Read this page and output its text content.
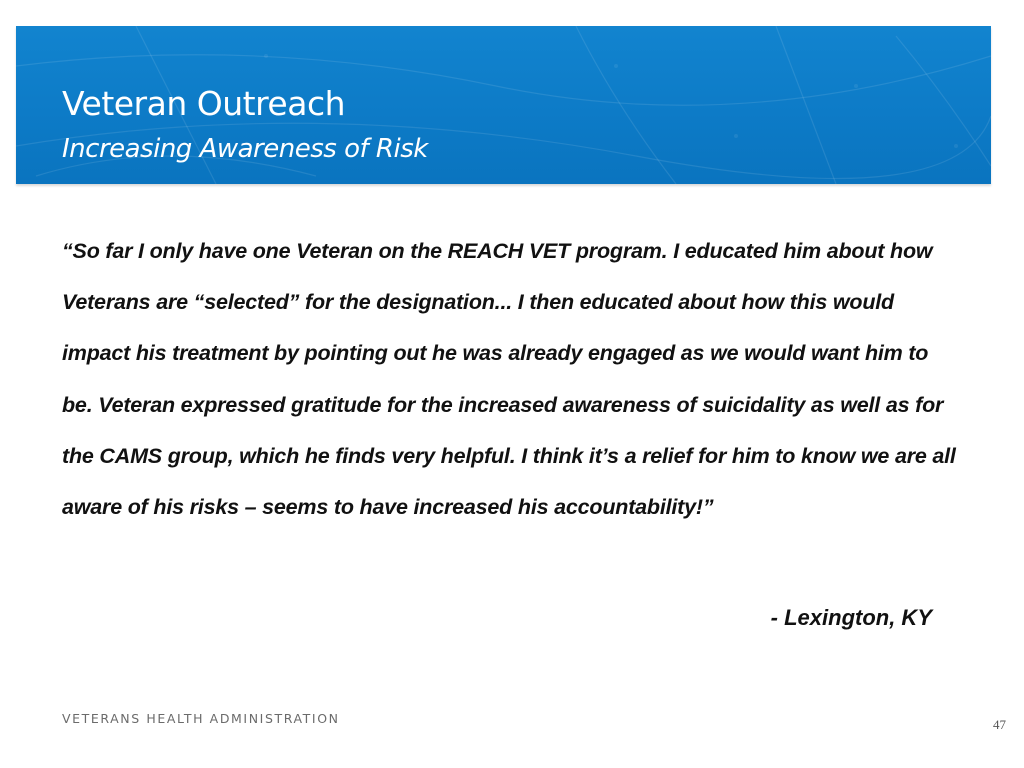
Veteran Outreach
Increasing Awareness of Risk

“So far I only have one Veteran on the REACH VET program. I educated him about how Veterans are “selected” for the designation... I then educated about how this would impact his treatment by pointing out he was already engaged as we would want him to be. Veteran expressed gratitude for the increased awareness of suicidality as well as for the CAMS group, which he finds very helpful. I think it’s a relief for him to know we are all aware of his risks – seems to have increased his accountability!”

- Lexington, KY

VETERANS HEALTH ADMINISTRATION	47
